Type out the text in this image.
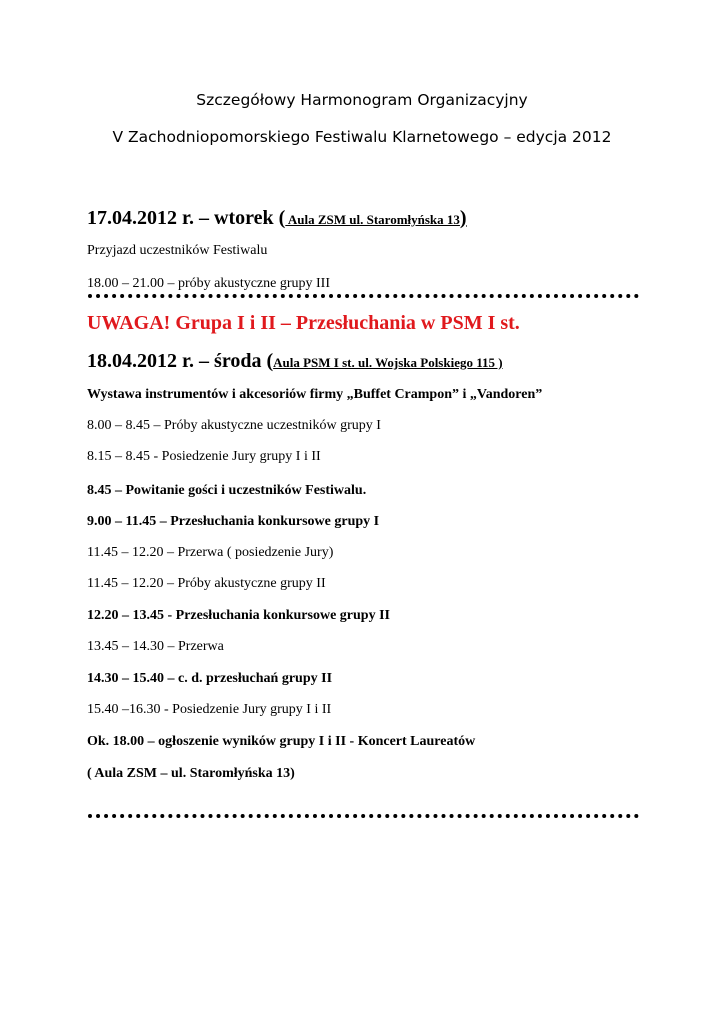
Szczegółowy Harmonogram Organizacyjny
V Zachodniopomorskiego Festiwalu Klarnetowego – edycja 2012
17.04.2012 r. – wtorek ( Aula ZSM ul. Staromłyńska 13)
Przyjazd uczestników Festiwalu
18.00 – 21.00 – próby akustyczne grupy III
UWAGA! Grupa I i II – Przesłuchania w PSM I st.
18.04.2012 r. – środa (Aula PSM I st. ul. Wojska Polskiego 115 )
Wystawa instrumentów i akcesoriów firmy „Buffet Crampon” i „Vandoren”
8.00 – 8.45 – Próby akustyczne uczestników grupy I
8.15 – 8.45 - Posiedzenie Jury grupy I i II
8.45 – Powitanie gości i uczestników Festiwalu.
9.00 – 11.45 – Przesłuchania konkursowe grupy I
11.45 – 12.20 – Przerwa ( posiedzenie Jury)
11.45 – 12.20 – Próby akustyczne grupy II
12.20 – 13.45 - Przesłuchania konkursowe grupy II
13.45 – 14.30 – Przerwa
14.30 – 15.40 – c. d. przesłuchań grupy II
15.40 –16.30 - Posiedzenie Jury grupy I i II
Ok. 18.00 – ogłoszenie wyników grupy I i II - Koncert Laureatów
( Aula ZSM – ul. Staromłyńska 13)
